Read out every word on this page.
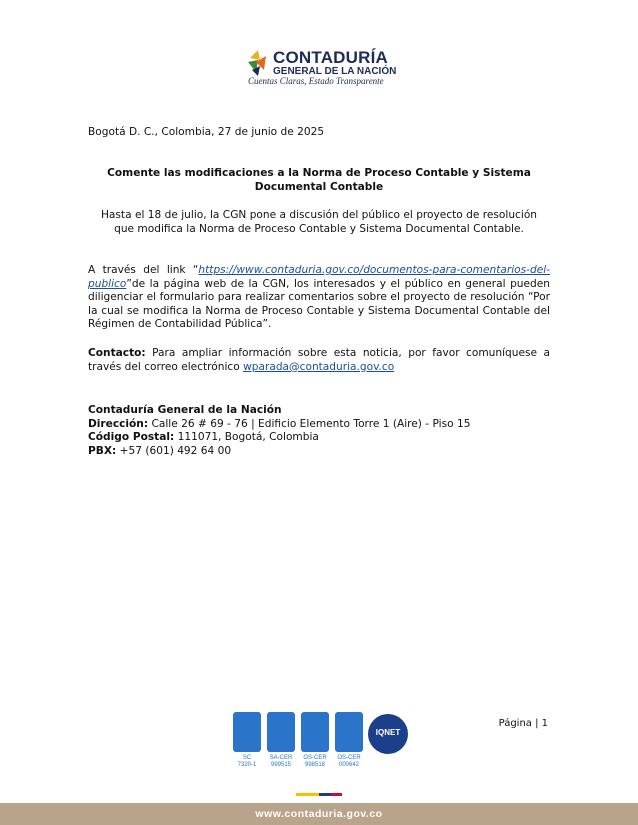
CONTADURÍA
GENERAL DE LA NACIÓN
Cuentas Claras, Estado Transparente
Bogotá D. C., Colombia, 27 de junio de 2025
Comente las modificaciones a la Norma de Proceso Contable y Sistema Documental Contable
Hasta el 18 de julio, la CGN pone a discusión del público el proyecto de resolución que modifica la Norma de Proceso Contable y Sistema Documental Contable.
A través del link “https://www.contaduria.gov.co/documentos-para-comentarios-del-publico”de la página web de la CGN, los interesados y el público en general pueden diligenciar el formulario para realizar comentarios sobre el proyecto de resolución “Por la cual se modifica la Norma de Proceso Contable y Sistema Documental Contable del Régimen de Contabilidad Pública”.
Contacto: Para ampliar información sobre esta noticia, por favor comuníquese a través del correo electrónico wparada@contaduria.gov.co
Contaduría General de la Nación
Dirección: Calle 26 # 69 - 76 | Edificio Elemento Torre 1 (Aire) - Piso 15
Código Postal: 111071, Bogotá, Colombia
PBX: +57 (601) 492 64 00
SC
7320-1
SA-CER
999515
OS-CER
998518
OS-CER
000642
IQNET
Página | 1
www.contaduria.gov.co
